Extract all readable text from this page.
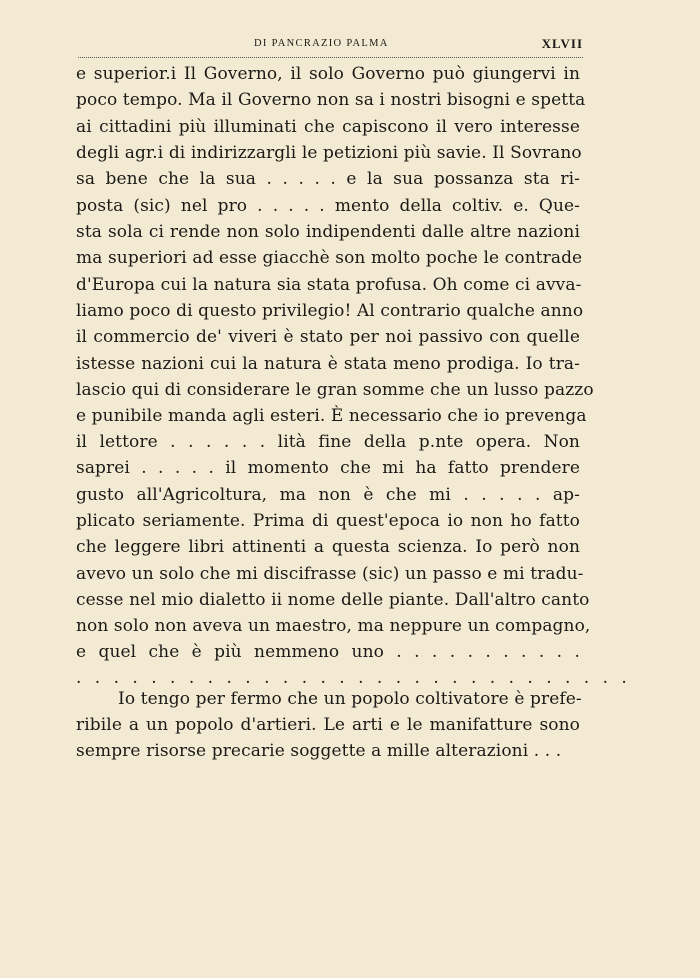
DI PANCRAZIO PALMA	XLVII
e superior.i Il Governo, il solo Governo può giungervi in
poco tempo. Ma il Governo non sa i nostri bisogni e spetta
ai cittadini più illuminati che capiscono il vero interesse
degli agr.i di indirizzargli le petizioni più savie. Il Sovrano
sa bene che la sua . . . . . e la sua possanza sta ri-
posta (sic) nel pro . . . . . mento della coltiv. e. Que-
sta sola ci rende non solo indipendenti dalle altre nazioni
ma superiori ad esse giacchè son molto poche le contrade
d'Europa cui la natura sia stata profusa. Oh come ci avva-
liamo poco di questo privilegio! Al contrario qualche anno
il commercio de' viveri è stato per noi passivo con quelle
istesse nazioni cui la natura è stata meno prodiga. Io tra-
lascio qui di considerare le gran somme che un lusso pazzo
e punibile manda agli esteri. È necessario che io prevenga
il lettore . . . . . . lità fine della p.nte opera. Non
saprei . . . . . il momento che mi ha fatto prendere
gusto all'Agricoltura, ma non è che mi . . . . . ap-
plicato seriamente. Prima di quest'epoca io non ho fatto
che leggere libri attinenti a questa scienza. Io però non
avevo un solo che mi discifrasse (sic) un passo e mi tradu-
cesse nel mio dialetto ii nome delle piante. Dall'altro canto
non solo non aveva un maestro, ma neppure un compagno,
e quel che è più nemmeno uno . . . . . . . . . . .
. . . . . . . . . . . . . . . . . . . . . . . . . . . . . .
Io tengo per fermo che un popolo coltivatore è prefe-
ribile a un popolo d'artieri. Le arti e le manifatture sono
sempre risorse precarie soggette a mille alterazioni . . .
